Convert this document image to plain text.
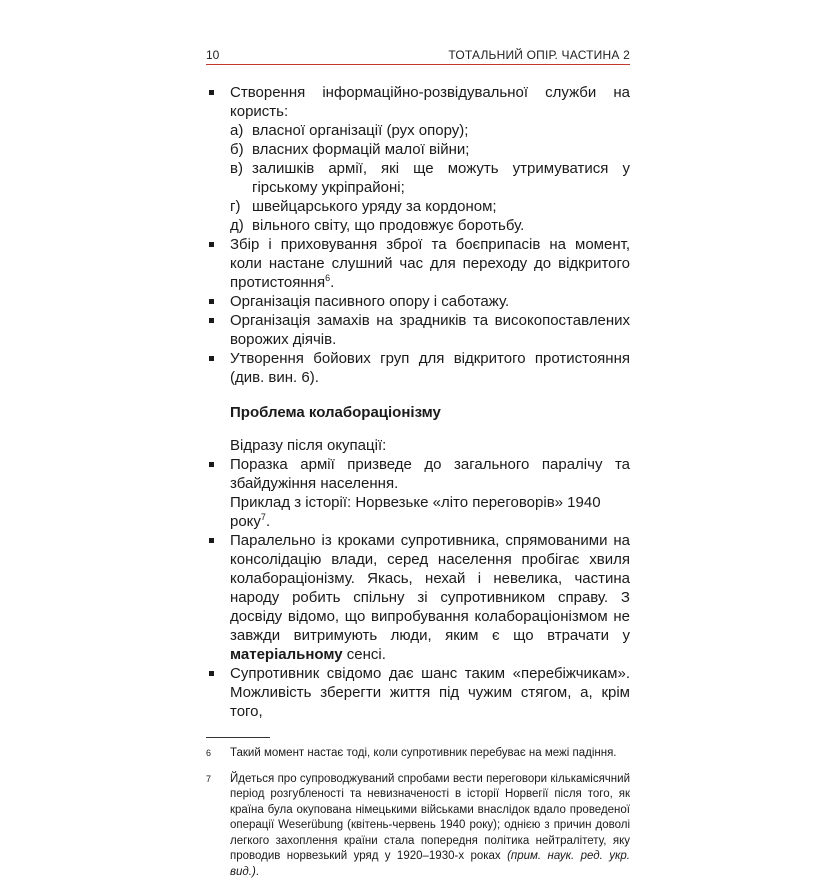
10	ТОТАЛЬНИЙ ОПІР. ЧАСТИНА 2
Створення інформаційно-розвідувальної служби на користь:
а) власної організації (рух опору);
б) власних формацій малої війни;
в) залишків армії, які ще можуть утримуватися у гірському укріпрайоні;
г) швейцарського уряду за кордоном;
д) вільного світу, що продовжує боротьбу.
Збір і приховування зброї та боєприпасів на момент, коли настане слушний час для переходу до відкритого протистояння$^6$.
Організація пасивного опору і саботажу.
Організація замахів на зрадників та високопоставлених ворожих діячів.
Утворення бойових груп для відкритого протистояння (див. вин. 6).
Проблема колабораціонізму
Відразу після окупації:
Поразка армії призведе до загального паралічу та збайдужіння населення.
Приклад з історії: Норвезьке «літо переговорів» 1940 року$^7$.
Паралельно із кроками супротивника, спрямованими на консолідацію влади, серед населення пробігає хвиля колабораціонізму. Якась, нехай і невелика, частина народу робить спільну зі супротивником справу. З досвіду відомо, що випробування колабораціонізмом не завжди витримують люди, яким є що втрачати у матеріальному сенсі.
Супротивник свідомо дає шанс таким «перебіжчикам». Можливість зберегти життя під чужим стягом, а, крім того,
6 Такий момент настає тоді, коли супротивник перебуває на межі падіння.
7 Йдеться про супроводжуваний спробами вести переговори кількамісячний період розгубленості та невизначеності в історії Норвегії після того, як країна була окупована німецькими військами внаслідок вдало проведеної операції Weserübung (квітень-червень 1940 року); однією з причин доволі легкого захоплення країни стала попередня політика нейтралітету, яку проводив норвезький уряд у 1920–1930-х роках (прим. наук. ред. укр. вид.).
